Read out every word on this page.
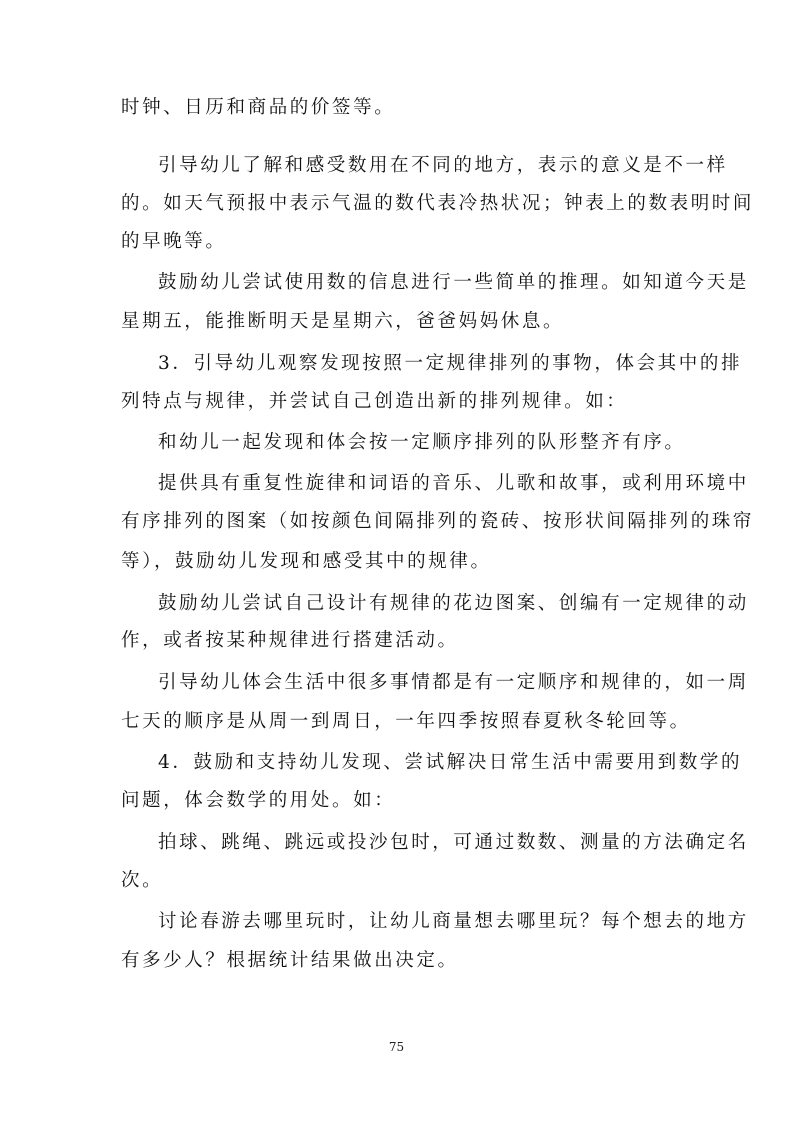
时钟、日历和商品的价签等。
引导幼儿了解和感受数用在不同的地方，表示的意义是不一样
的。如天气预报中表示气温的数代表冷热状况；钟表上的数表明时间
的早晚等。
鼓励幼儿尝试使用数的信息进行一些简单的推理。如知道今天是
星期五，能推断明天是星期六，爸爸妈妈休息。
3．引导幼儿观察发现按照一定规律排列的事物，体会其中的排
列特点与规律，并尝试自己创造出新的排列规律。如：
和幼儿一起发现和体会按一定顺序排列的队形整齐有序。
提供具有重复性旋律和词语的音乐、儿歌和故事，或利用环境中
有序排列的图案（如按颜色间隔排列的瓷砖、按形状间隔排列的珠帘
等），鼓励幼儿发现和感受其中的规律。
鼓励幼儿尝试自己设计有规律的花边图案、创编有一定规律的动
作，或者按某种规律进行搭建活动。
引导幼儿体会生活中很多事情都是有一定顺序和规律的，如一周
七天的顺序是从周一到周日，一年四季按照春夏秋冬轮回等。
4．鼓励和支持幼儿发现、尝试解决日常生活中需要用到数学的
问题，体会数学的用处。如：
拍球、跳绳、跳远或投沙包时，可通过数数、测量的方法确定名
次。
讨论春游去哪里玩时，让幼儿商量想去哪里玩？每个想去的地方
有多少人？根据统计结果做出决定。
75
